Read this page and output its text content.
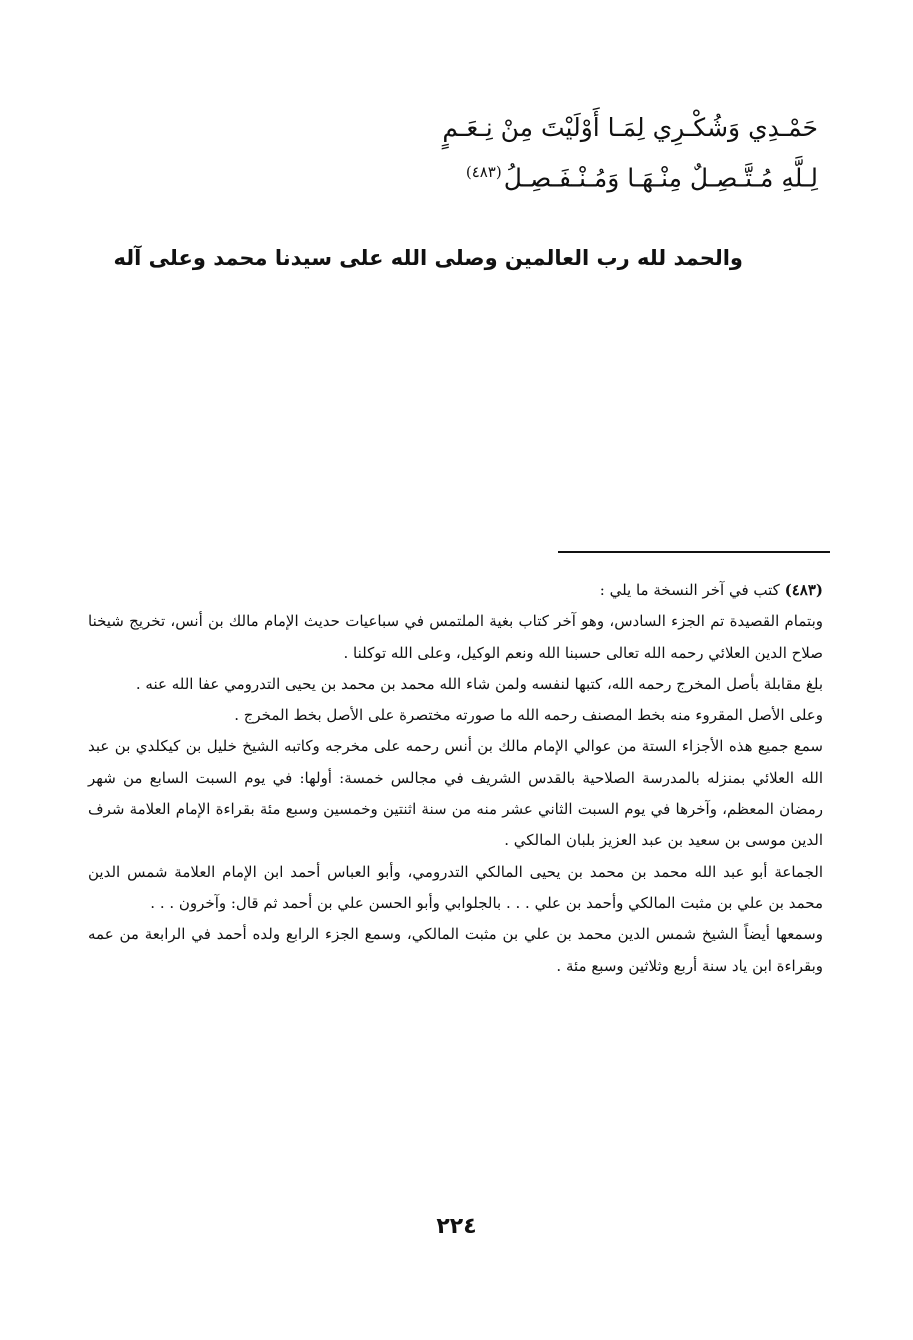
حَمْـدِي وَشُكْـرِي لِمَـا أَوْلَيْتَ مِنْ نِـعَـمٍ
لِـلَّهِ مُـتَّـصِـلٌ مِنْـهَـا وَمُـنْـفَـصِـلُ$^{(٤٨٣)}$
والحمد لله رب العالمين وصلى الله على سيدنا محمد وعلى آله

(٤٨٣) كتب في آخر النسخة ما يلي :

وبتمام القصيدة تم الجزء السادس، وهو آخر كتاب بغية الملتمس في سباعيات حديث الإمام مالك بن أنس، تخريج شيخنا صلاح الدين العلائي رحمه الله تعالى حسبنا الله ونعم الوكيل، وعلى الله توكلنا .

بلغ مقابلة بأصل المخرج رحمه الله، كتبها لنفسه ولمن شاء الله محمد بن محمد بن يحيى التدرومي عفا الله عنه .

وعلى الأصل المقروء منه بخط المصنف رحمه الله ما صورته مختصرة على الأصل بخط المخرج .

سمع جميع هذه الأجزاء الستة من عوالي الإمام مالك بن أنس رحمه على مخرجه وكاتبه الشيخ خليل بن كيكلدي بن عبد الله العلائي بمنزله بالمدرسة الصلاحية بالقدس الشريف في مجالس خمسة: أولها: في يوم السبت السابع من شهر رمضان المعظم، وآخرها في يوم السبت الثاني عشر منه من سنة اثنتين وخمسين وسبع مئة بقراءة الإمام العلامة شرف الدين موسى بن سعيد بن عبد العزيز بلبان المالكي .

الجماعة أبو عبد الله محمد بن محمد بن يحيى المالكي التدرومي، وأبو العباس أحمد ابن الإمام العلامة شمس الدين محمد بن علي بن مثبت المالكي وأحمد بن علي . . . بالجلوابي وأبو الحسن علي بن أحمد ثم قال: وآخرون . . .

وسمعها أيضاً الشيخ شمس الدين محمد بن علي بن مثبت المالكي، وسمع الجزء الرابع ولده أحمد في الرابعة من عمه وبقراءة ابن ياد سنة أربع وثلاثين وسبع مئة .

٢٢٤
